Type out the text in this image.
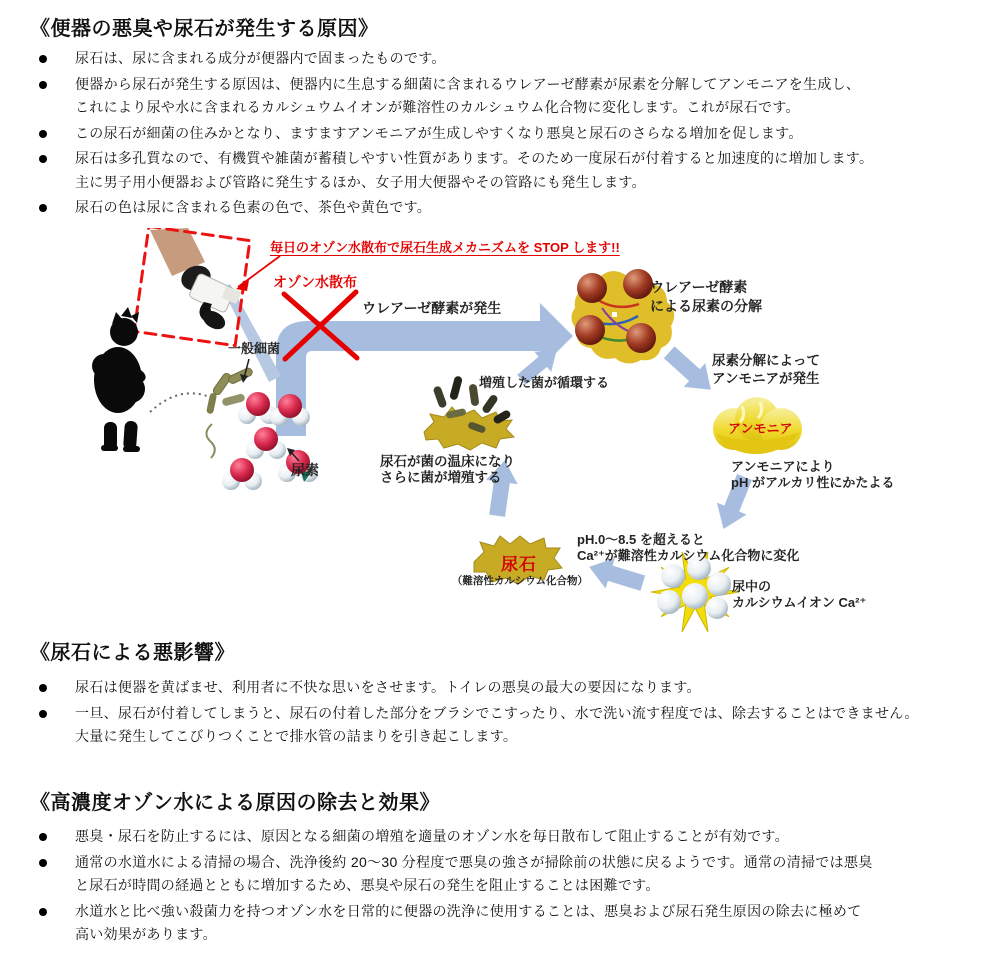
《便器の悪臭や尿石が発生する原因》
尿石は、尿に含まれる成分が便器内で固まったものです。
便器から尿石が発生する原因は、便器内に生息する細菌に含まれるウレアーゼ酵素が尿素を分解してアンモニアを生成し、
これにより尿や水に含まれるカルシュウムイオンが難溶性のカルシュウム化合物に変化します。これが尿石です。
この尿石が細菌の住みかとなり、ますますアンモニアが生成しやすくなり悪臭と尿石のさらなる増加を促します。
尿石は多孔質なので、有機質や雑菌が蓄積しやすい性質があります。そのため一度尿石が付着すると加速度的に増加します。
主に男子用小便器および管路に発生するほか、女子用大便器やその管路にも発生します。
尿石の色は尿に含まれる色素の色で、茶色や黄色です。
毎日のオゾン水散布で尿石生成メカニズムを STOP します!!
オゾン水散布
ウレアーゼ酵素が発生
一般細菌
尿素
ウレアーゼ酵素
による尿素の分解
尿素分解によって
アンモニアが発生
アンモニア
アンモニアにより
pH がアルカリ性にかたよる
pH.0～8.5 を超えると
Ca²⁺が難溶性カルシウム化合物に変化
尿中の
カルシウムイオン Ca²⁺
尿石
（難溶性カルシウム化合物）
尿石が菌の温床になり
さらに菌が増殖する
増殖した菌が循環する
《尿石による悪影響》
尿石は便器を黄ばませ、利用者に不快な思いをさせます。トイレの悪臭の最大の要因になります。
一旦、尿石が付着してしまうと、尿石の付着した部分をブラシでこすったり、水で洗い流す程度では、除去することはできません。
大量に発生してこびりつくことで排水管の詰まりを引き起こします。
《高濃度オゾン水による原因の除去と効果》
悪臭・尿石を防止するには、原因となる細菌の増殖を適量のオゾン水を毎日散布して阻止することが有効です。
通常の水道水による清掃の場合、洗浄後約 20～30 分程度で悪臭の強さが掃除前の状態に戻るようです。通常の清掃では悪臭
と尿石が時間の経過とともに増加するため、悪臭や尿石の発生を阻止することは困難です。
水道水と比べ強い殺菌力を持つオゾン水を日常的に便器の洗浄に使用することは、悪臭および尿石発生原因の除去に極めて
高い効果があります。
